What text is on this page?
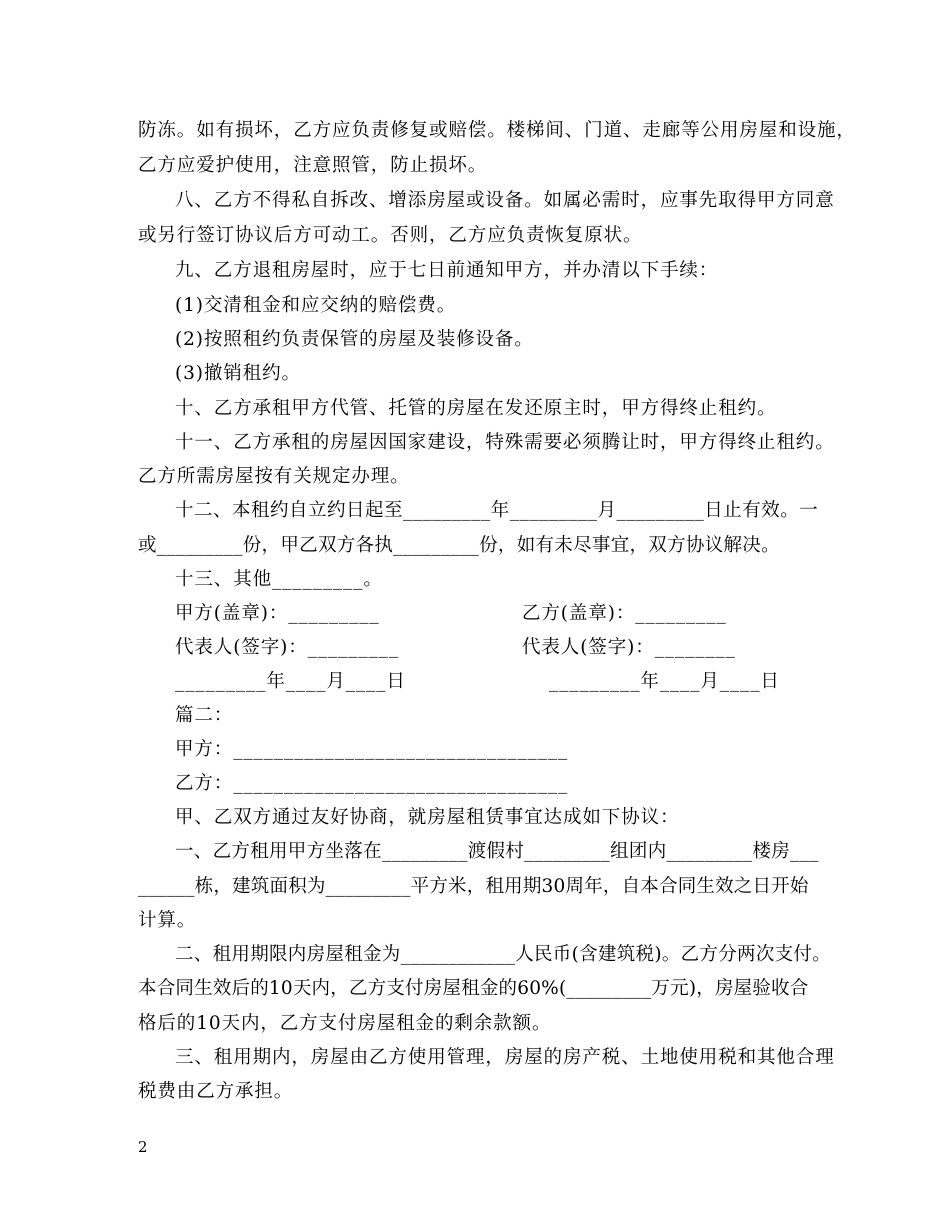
防冻。如有损坏，乙方应负责修复或赔偿。楼梯间、门道、走廊等公用房屋和设施，
乙方应爱护使用，注意照管，防止损坏。
八、乙方不得私自拆改、增添房屋或设备。如属必需时，应事先取得甲方同意
或另行签订协议后方可动工。否则，乙方应负责恢复原状。
九、乙方退租房屋时，应于七日前通知甲方，并办清以下手续：
(1)交清租金和应交纳的赔偿费。
(2)按照租约负责保管的房屋及装修设备。
(3)撤销租约。
十、乙方承租甲方代管、托管的房屋在发还原主时，甲方得终止租约。
十一、乙方承租的房屋因国家建设，特殊需要必须腾让时，甲方得终止租约。
乙方所需房屋按有关规定办理。
十二、本租约自立约日起至_________年_________月_________日止有效。一
或_________份，甲乙双方各执_________份，如有未尽事宜，双方协议解决。
十三、其他_________。
甲方(盖章)：_________	乙方(盖章)：_________
代表人(签字)：_________	代表人(签字)：________
_________年____月____日	_________年____月____日
篇二：
甲方：_________________________________
乙方：_________________________________
甲、乙双方通过友好协商，就房屋租赁事宜达成如下协议：
一、乙方租用甲方坐落在_________渡假村_________组团内_________楼房___
______栋，建筑面积为_________平方米，租用期30周年，自本合同生效之日开始
计算。
二、租用期限内房屋租金为____________人民币(含建筑税)。乙方分两次支付。
本合同生效后的10天内，乙方支付房屋租金的60%(_________万元)，房屋验收合
格后的10天内，乙方支付房屋租金的剩余款额。
三、租用期内，房屋由乙方使用管理，房屋的房产税、土地使用税和其他合理
税费由乙方承担。
2
